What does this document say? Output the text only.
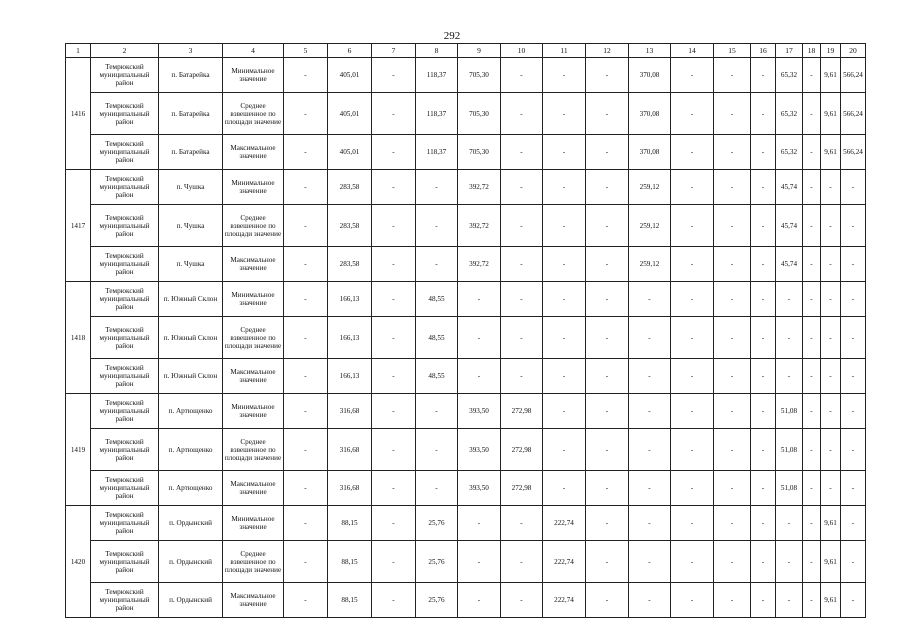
292
1	2	3	4	5	6	7	8	9	10	11	12	13	14	15	16	17	18	19	20
1416	Темрюкский муниципальный район	п. Батарейка	Минимальное значение	-	405,01	-	118,37	705,30	-	-	-	370,08	-	-	-	65,32	-	9,61	566,24
	Темрюкский муниципальный район	п. Батарейка	Среднее взвешенное по площади значение	-	405,01	-	118,37	705,30	-	-	-	370,08	-	-	-	65,32	-	9,61	566,24
	Темрюкский муниципальный район	п. Батарейка	Максимальное значение	-	405,01	-	118,37	705,30	-	-	-	370,08	-	-	-	65,32	-	9,61	566,24
1417	Темрюкский муниципальный район	п. Чушка	Минимальное значение	-	283,58	-	-	392,72	-	-	-	259,12	-	-	-	45,74	-	-	-
	Темрюкский муниципальный район	п. Чушка	Среднее взвешенное по площади значение	-	283,58	-	-	392,72	-	-	-	259,12	-	-	-	45,74	-	-	-
	Темрюкский муниципальный район	п. Чушка	Максимальное значение	-	283,58	-	-	392,72	-	-	-	259,12	-	-	-	45,74	-	-	-
1418	Темрюкский муниципальный район	п. Южный Склон	Минимальное значение	-	166,13	-	48,55	-	-	-	-	-	-	-	-	-	-	-	-
	Темрюкский муниципальный район	п. Южный Склон	Среднее взвешенное по площади значение	-	166,13	-	48,55	-	-	-	-	-	-	-	-	-	-	-	-
	Темрюкский муниципальный район	п. Южный Склон	Максимальное значение	-	166,13	-	48,55	-	-	-	-	-	-	-	-	-	-	-	-
1419	Темрюкский муниципальный район	п. Артющенко	Минимальное значение	-	316,68	-	-	393,50	272,98	-	-	-	-	-	-	51,08	-	-	-
	Темрюкский муниципальный район	п. Артющенко	Среднее взвешенное по площади значение	-	316,68	-	-	393,50	272,98	-	-	-	-	-	-	51,08	-	-	-
	Темрюкский муниципальный район	п. Артющенко	Максимальное значение	-	316,68	-	-	393,50	272,98	-	-	-	-	-	-	51,08	-	-	-
1420	Темрюкский муниципальный район	п. Ордынский	Минимальное значение	-	88,15	-	25,76	-	-	222,74	-	-	-	-	-	-	-	9,61	-
	Темрюкский муниципальный район	п. Ордынский	Среднее взвешенное по площади значение	-	88,15	-	25,76	-	-	222,74	-	-	-	-	-	-	-	9,61	-
	Темрюкский муниципальный район	п. Ордынский	Максимальное значение	-	88,15	-	25,76	-	-	222,74	-	-	-	-	-	-	-	9,61	-
